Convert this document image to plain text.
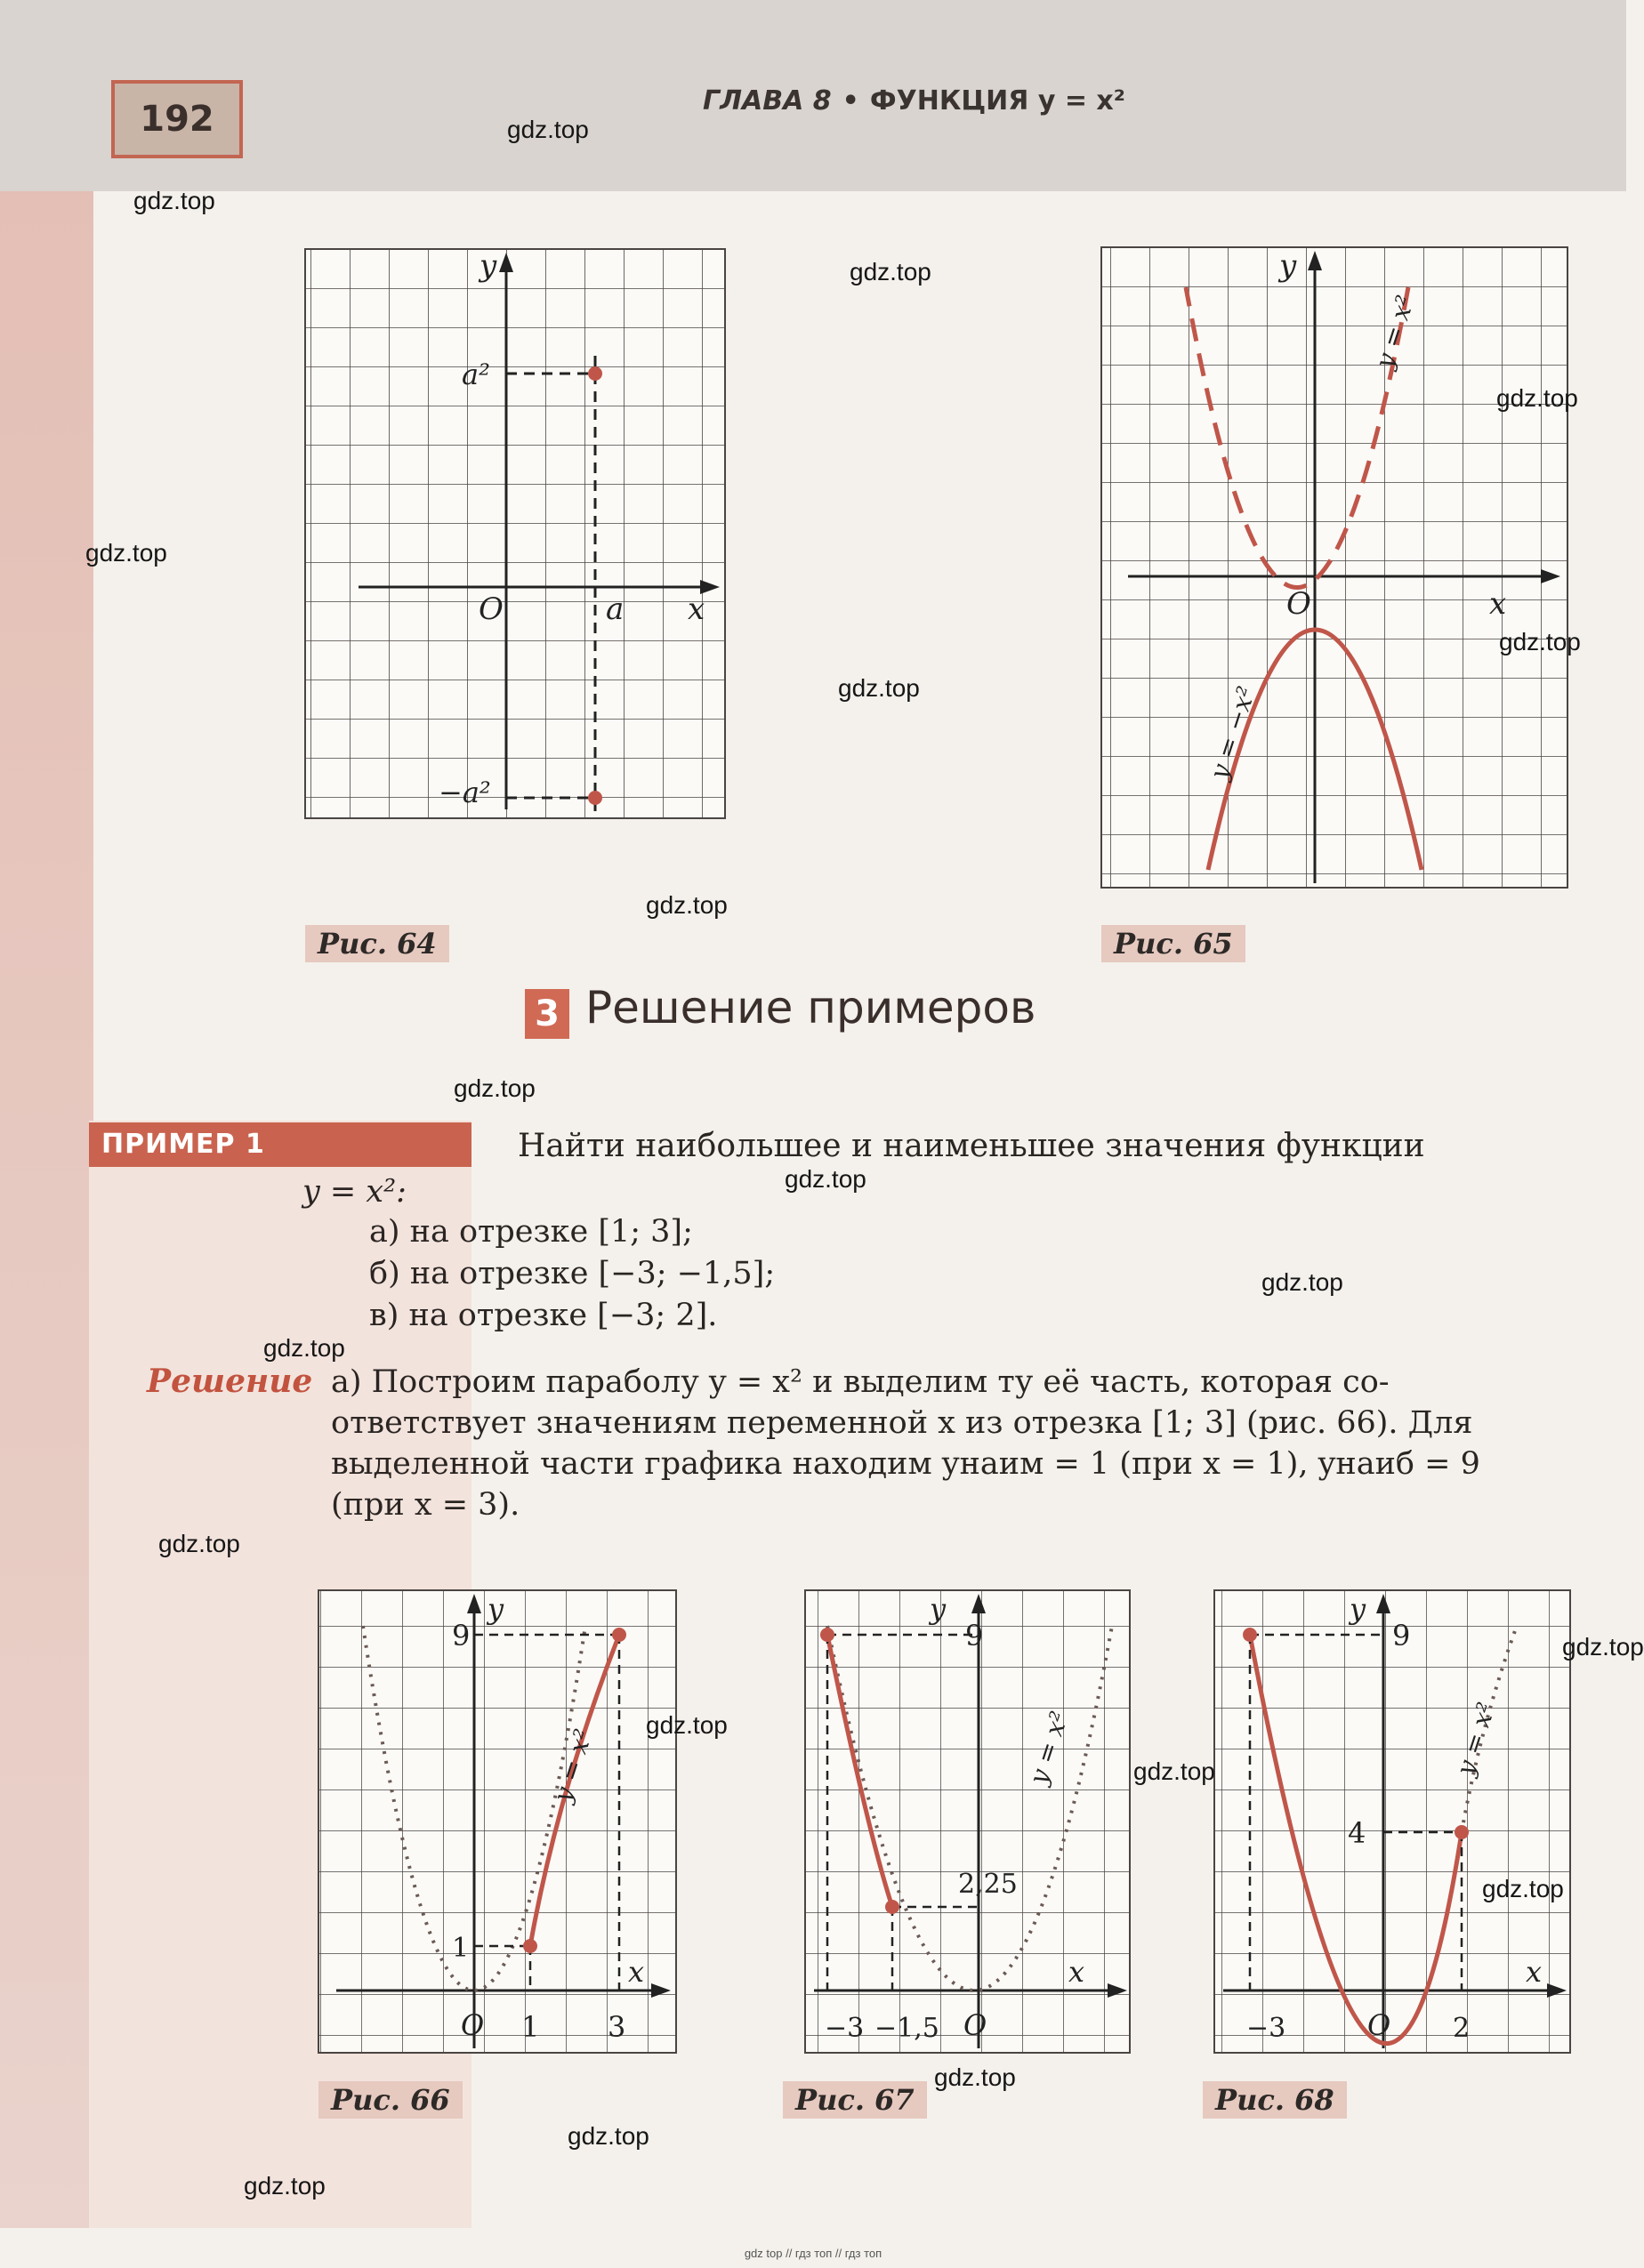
192	ГЛАВА 8 • ФУНКЦИЯ y = x²
y
x
O	a
a²
−a²
Рис. 64
y
x
O
y = x²
y = −x²
Рис. 65
3 Решение примеров
ПРИМЕР 1	Найти наибольшее и наименьшее значения функции
y = x²:
а) на отрезке [1; 3];
б) на отрезке [−3; −1,5];
в) на отрезке [−3; 2].
Решение а) Построим параболу y = x² и выделим ту её часть, которая со-
ответствует значениям переменной x из отрезка [1; 3] (рис. 66). Для
выделенной части графика находим yнаим = 1 (при x = 1), yнаиб = 9
(при x = 3).
y
x
O
9
1
1 3
y = x²
Рис. 66
y
x
O
9
2,25
−3 −1,5
y = x²
Рис. 67
y
x
O
9
4
−3	2
y = x²
Рис. 68
gdz.top
gdz.top
gdz.top
gdz.top
gdz.top
gdz.top
gdz.top
gdz.top
gdz.top
gdz.top
gdz.top
gdz.top
gdz.top
gdz.top
gdz.top
gdz.top
gdz.top
gdz.top
gdz.top
gdz.top
gdz top // гдз топ // гдз топ
